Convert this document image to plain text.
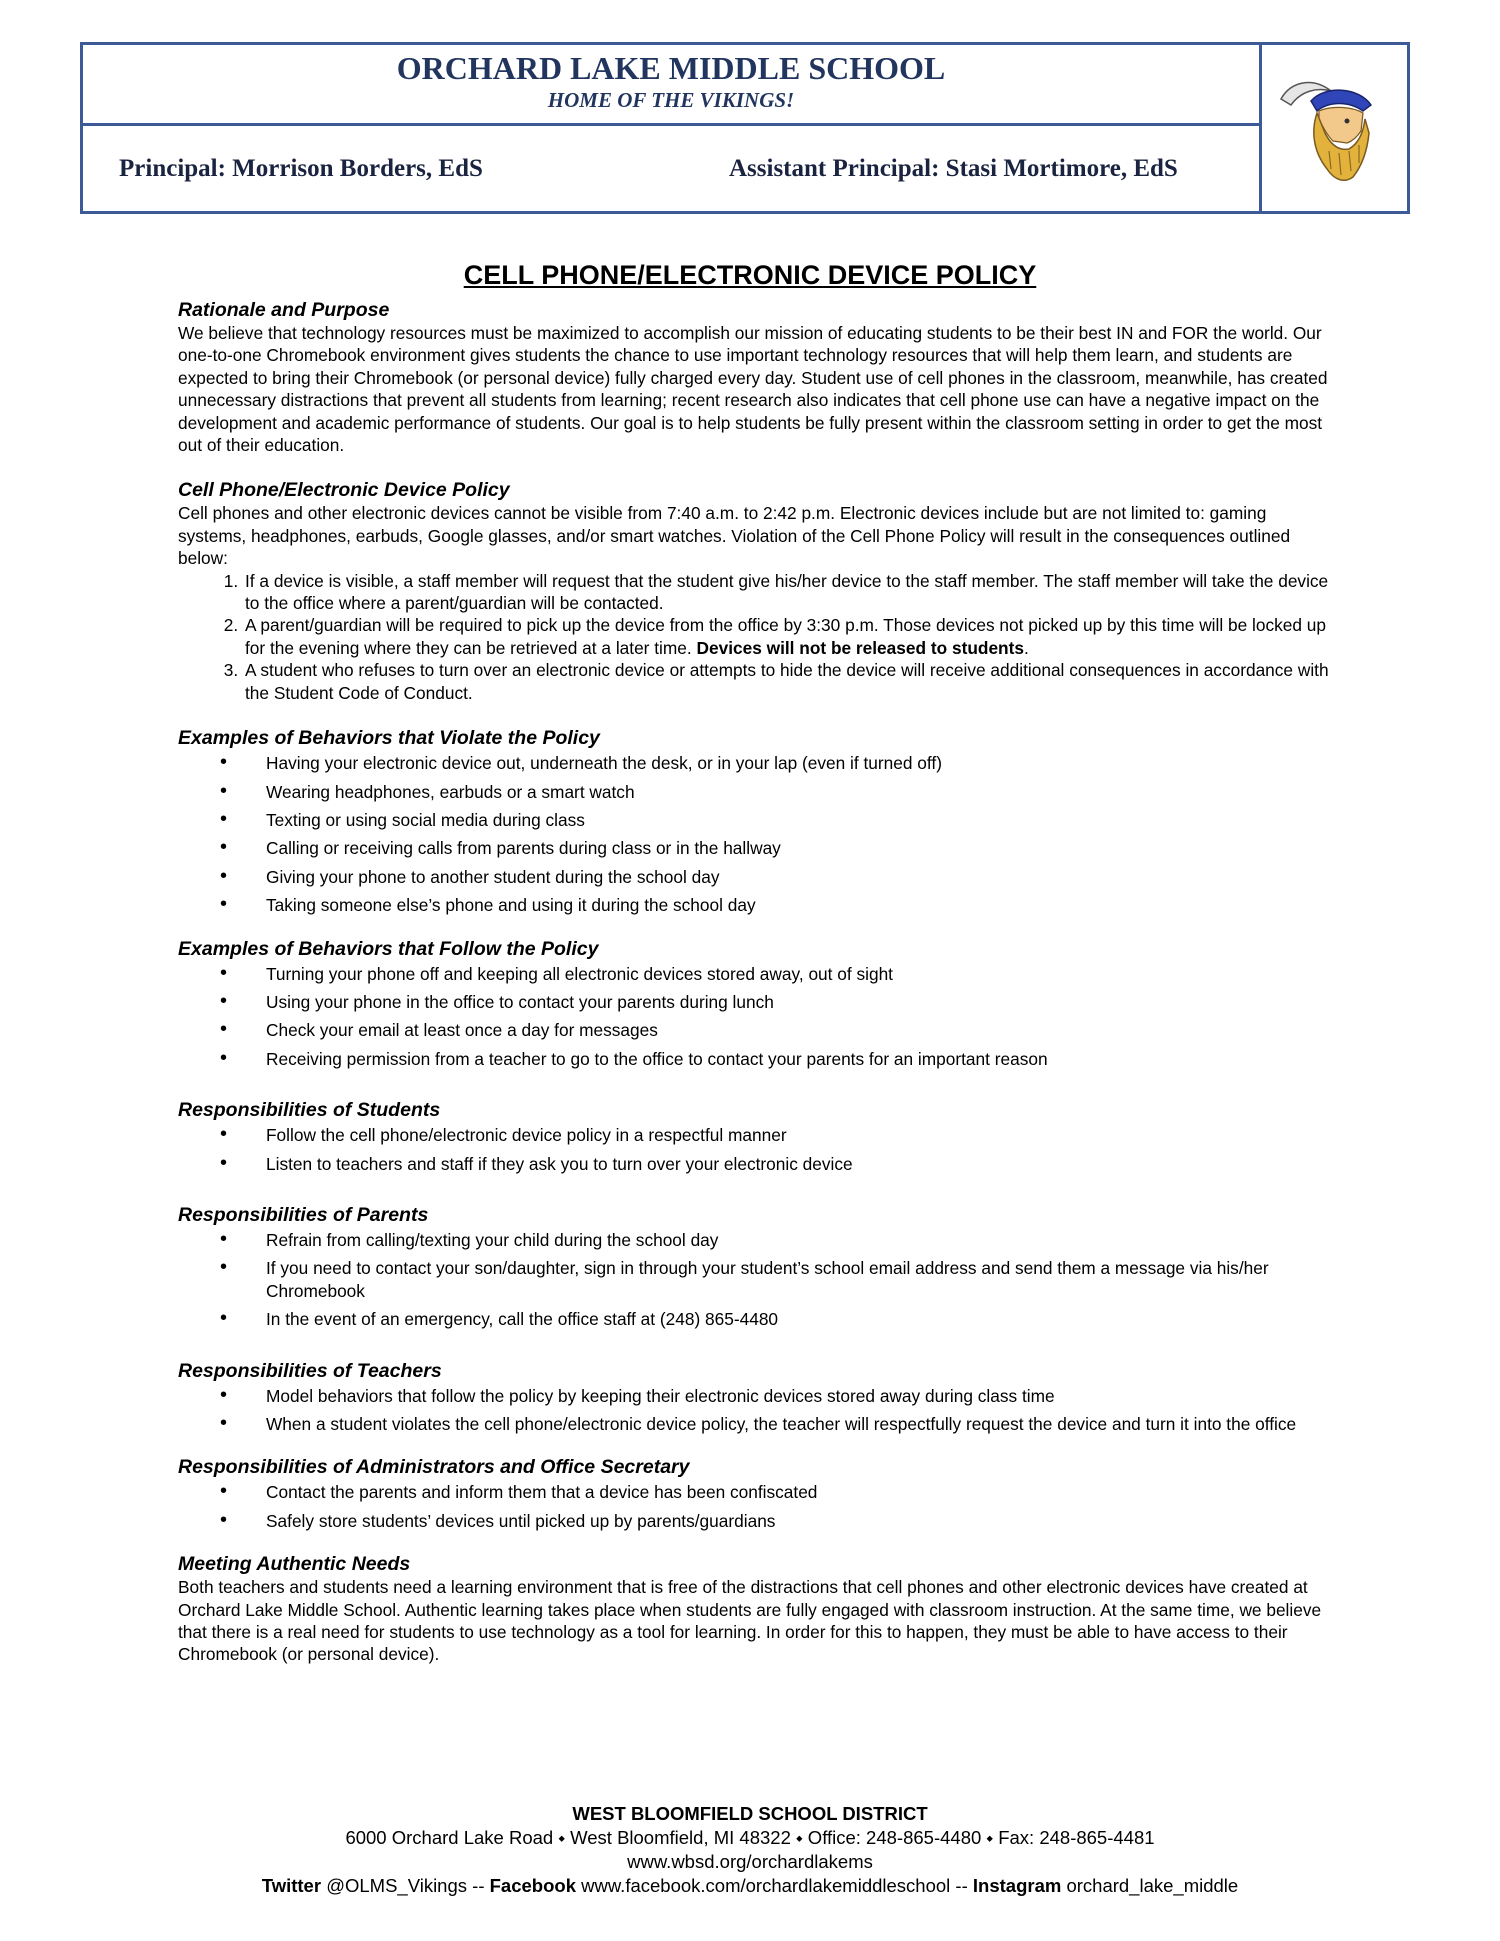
ORCHARD LAKE MIDDLE SCHOOL
HOME OF THE VIKINGS!
Principal: Morrison Borders, EdS	Assistant Principal: Stasi Mortimore, EdS
CELL PHONE/ELECTRONIC DEVICE POLICY
Rationale and Purpose

We believe that technology resources must be maximized to accomplish our mission of educating students to be their best IN and FOR the world. Our one-to-one Chromebook environment gives students the chance to use important technology resources that will help them learn, and students are expected to bring their Chromebook (or personal device) fully charged every day. Student use of cell phones in the classroom, meanwhile, has created unnecessary distractions that prevent all students from learning; recent research also indicates that cell phone use can have a negative impact on the development and academic performance of students. Our goal is to help students be fully present within the classroom setting in order to get the most out of their education.

Cell Phone/Electronic Device Policy

Cell phones and other electronic devices cannot be visible from 7:40 a.m. to 2:42 p.m. Electronic devices include but are not limited to: gaming systems, headphones, earbuds, Google glasses, and/or smart watches. Violation of the Cell Phone Policy will result in the consequences outlined below:

1. If a device is visible, a staff member will request that the student give his/her device to the staff member. The staff member will take the device to the office where a parent/guardian will be contacted.
2. A parent/guardian will be required to pick up the device from the office by 3:30 p.m. Those devices not picked up by this time will be locked up for the evening where they can be retrieved at a later time. Devices will not be released to students.
3. A student who refuses to turn over an electronic device or attempts to hide the device will receive additional consequences in accordance with the Student Code of Conduct.
Examples of Behaviors that Violate the Policy
• Having your electronic device out, underneath the desk, or in your lap (even if turned off)
• Wearing headphones, earbuds or a smart watch
• Texting or using social media during class
• Calling or receiving calls from parents during class or in the hallway
• Giving your phone to another student during the school day
• Taking someone else’s phone and using it during the school day
Examples of Behaviors that Follow the Policy
• Turning your phone off and keeping all electronic devices stored away, out of sight
• Using your phone in the office to contact your parents during lunch
• Check your email at least once a day for messages
• Receiving permission from a teacher to go to the office to contact your parents for an important reason
Responsibilities of Students
• Follow the cell phone/electronic device policy in a respectful manner
• Listen to teachers and staff if they ask you to turn over your electronic device
Responsibilities of Parents
• Refrain from calling/texting your child during the school day
• If you need to contact your son/daughter, sign in through your student’s school email address and send them a message via his/her Chromebook
• In the event of an emergency, call the office staff at (248) 865-4480
Responsibilities of Teachers
• Model behaviors that follow the policy by keeping their electronic devices stored away during class time
• When a student violates the cell phone/electronic device policy, the teacher will respectfully request the device and turn it into the office
Responsibilities of Administrators and Office Secretary
• Contact the parents and inform them that a device has been confiscated
• Safely store students’ devices until picked up by parents/guardians
Meeting Authentic Needs

Both teachers and students need a learning environment that is free of the distractions that cell phones and other electronic devices have created at Orchard Lake Middle School. Authentic learning takes place when students are fully engaged with classroom instruction. At the same time, we believe that there is a real need for students to use technology as a tool for learning. In order for this to happen, they must be able to have access to their Chromebook (or personal device).

WEST BLOOMFIELD SCHOOL DISTRICT
6000 Orchard Lake Road ⬩ West Bloomfield, MI 48322 ⬩ Office: 248-865-4480 ⬩ Fax: 248-865-4481
www.wbsd.org/orchardlakems
Twitter @OLMS_Vikings -- Facebook www.facebook.com/orchardlakemiddleschool -- Instagram orchard_lake_middle
